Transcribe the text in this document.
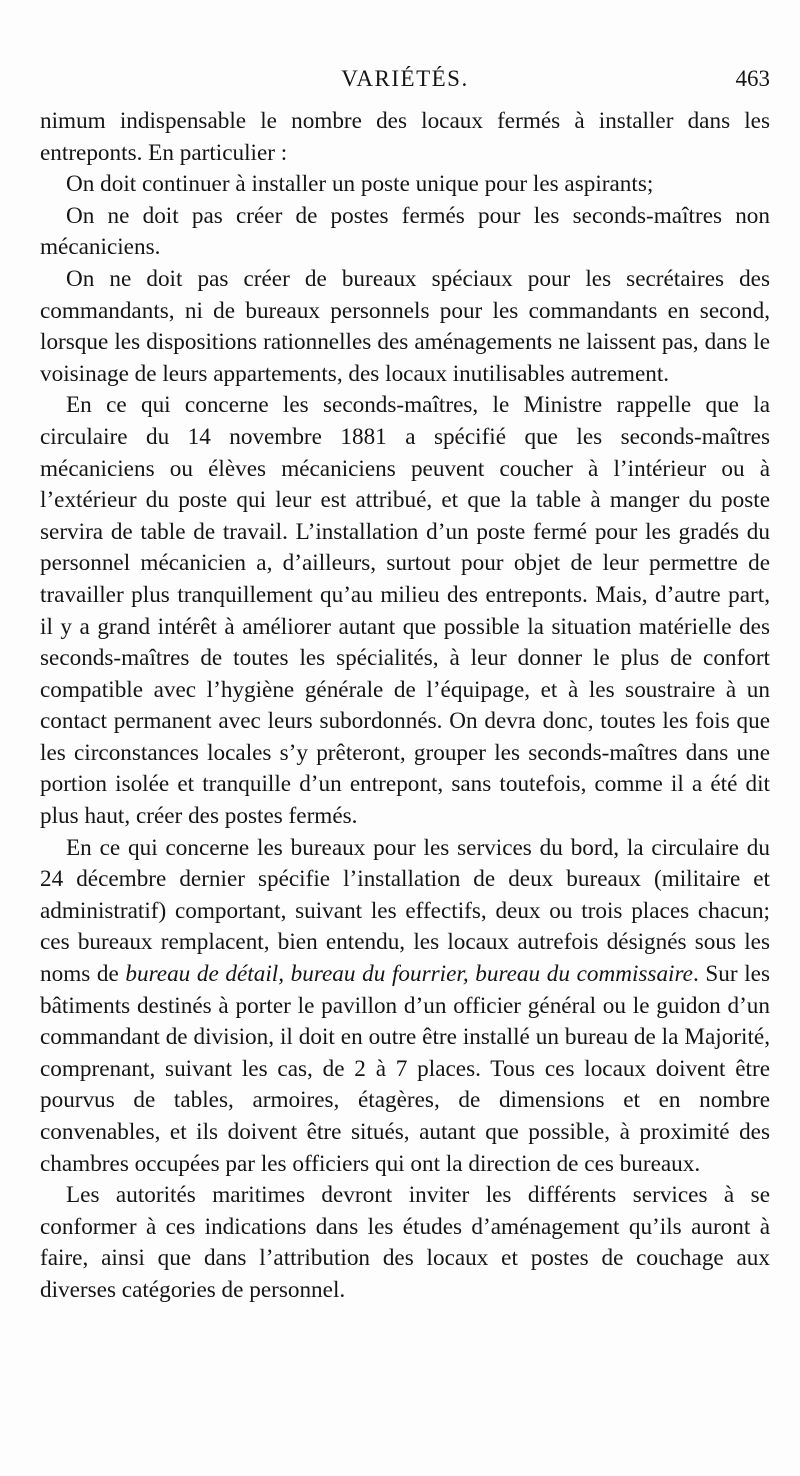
VARIÉTÉS.	463

nimum indispensable le nombre des locaux fermés à installer dans les entreponts. En particulier :

On doit continuer à installer un poste unique pour les aspirants;

On ne doit pas créer de postes fermés pour les seconds-maîtres non mécaniciens.

On ne doit pas créer de bureaux spéciaux pour les secrétaires des commandants, ni de bureaux personnels pour les commandants en second, lorsque les dispositions rationnelles des aménagements ne laissent pas, dans le voisinage de leurs appartements, des locaux inutilisables autrement.

En ce qui concerne les seconds-maîtres, le Ministre rappelle que la circulaire du 14 novembre 1881 a spécifié que les seconds-maîtres mécaniciens ou élèves mécaniciens peuvent coucher à l’intérieur ou à l’extérieur du poste qui leur est attribué, et que la table à manger du poste servira de table de travail. L’installation d’un poste fermé pour les gradés du personnel mécanicien a, d’ailleurs, surtout pour objet de leur permettre de travailler plus tranquillement qu’au milieu des entreponts. Mais, d’autre part, il y a grand intérêt à améliorer autant que possible la situation matérielle des seconds-maîtres de toutes les spécialités, à leur donner le plus de confort compatible avec l’hygiène générale de l’équipage, et à les soustraire à un contact permanent avec leurs subordonnés. On devra donc, toutes les fois que les circonstances locales s’y prêteront, grouper les seconds-maîtres dans une portion isolée et tranquille d’un entrepont, sans toutefois, comme il a été dit plus haut, créer des postes fermés.

En ce qui concerne les bureaux pour les services du bord, la circulaire du 24 décembre dernier spécifie l’installation de deux bureaux (militaire et administratif) comportant, suivant les effectifs, deux ou trois places chacun; ces bureaux remplacent, bien entendu, les locaux autrefois désignés sous les noms de bureau de détail, bureau du fourrier, bureau du commissaire. Sur les bâtiments destinés à porter le pavillon d’un officier général ou le guidon d’un commandant de division, il doit en outre être installé un bureau de la Majorité, comprenant, suivant les cas, de 2 à 7 places. Tous ces locaux doivent être pourvus de tables, armoires, étagères, de dimensions et en nombre convenables, et ils doivent être situés, autant que possible, à proximité des chambres occupées par les officiers qui ont la direction de ces bureaux.

Les autorités maritimes devront inviter les différents services à se conformer à ces indications dans les études d’aménagement qu’ils auront à faire, ainsi que dans l’attribution des locaux et postes de couchage aux diverses catégories de personnel.
